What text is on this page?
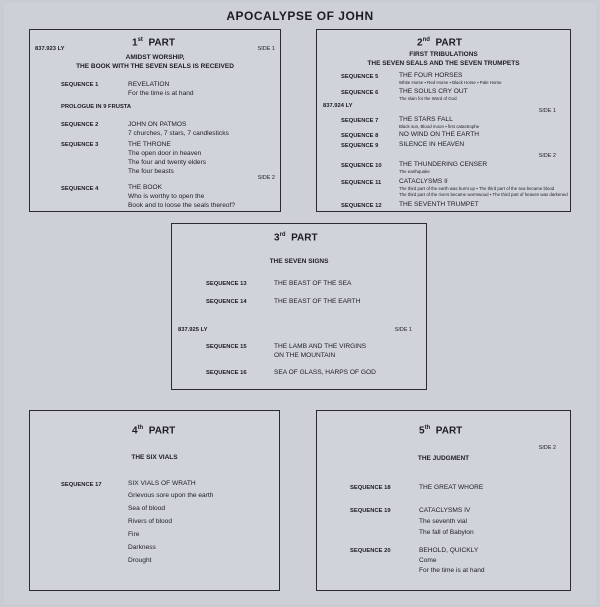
APOCALYPSE OF JOHN
1st PART
837.923 LY	SIDE 1
AMIDST WORSHIP,
THE BOOK WITH THE SEVEN SEALS IS RECEIVED
SEQUENCE 1	REVELATION
For the time is at hand
PROLOGUE IN 9 FRUSTA
SEQUENCE 2	JOHN ON PATMOS
7 churches, 7 stars, 7 candlesticks
SEQUENCE 3	THE THRONE
The open door in heaven
The four and twenty elders
The four beasts
SIDE 2
SEQUENCE 4	THE BOOK
Who is worthy to open the
Book and to loose the seals thereof?
2nd PART
FIRST TRIBULATIONS
THE SEVEN SEALS AND THE SEVEN TRUMPETS
SEQUENCE 5	THE FOUR HORSES
White Horse ▪ Red Horse ▪ Black Horse ▪ Pale Horse
SEQUENCE 6	THE SOULS CRY OUT
The slain for the Word of God
837.924 LY
SIDE 1
SEQUENCE 7	THE STARS FALL
Black sun, Blood moon ▪ first catastrophe
SEQUENCE 8	NO WIND ON THE EARTH
SEQUENCE 9	SILENCE IN HEAVEN
SIDE 2
SEQUENCE 10	THE THUNDERING CENSER
The earthquake
SEQUENCE 11	CATACLYSMS II
The third part of the earth was burnt up ▪ The third part of the sea became blood
The third part of the rivers became wormwood ▪ The third part of heaven was darkened
SEQUENCE 12	THE SEVENTH TRUMPET
3rd PART
THE SEVEN SIGNS
SEQUENCE 13	THE BEAST OF THE SEA
SEQUENCE 14	THE BEAST OF THE EARTH
837.925 LY	SIDE 1
SEQUENCE 15	THE LAMB AND THE VIRGINS
ON THE MOUNTAIN
SEQUENCE 16	SEA OF GLASS, HARPS OF GOD
4th PART
THE SIX VIALS
SEQUENCE 17	SIX VIALS OF WRATH
Grievous sore upon the earth
Sea of blood
Rivers of blood
Fire
Darkness
Drought
5th PART
SIDE 2
THE JUDGMENT
SEQUENCE 18	THE GREAT WHORE
SEQUENCE 19	CATACLYSMS IV
The seventh vial
The fall of Babylon
SEQUENCE 20	BEHOLD, QUICKLY
Come
For the time is at hand
